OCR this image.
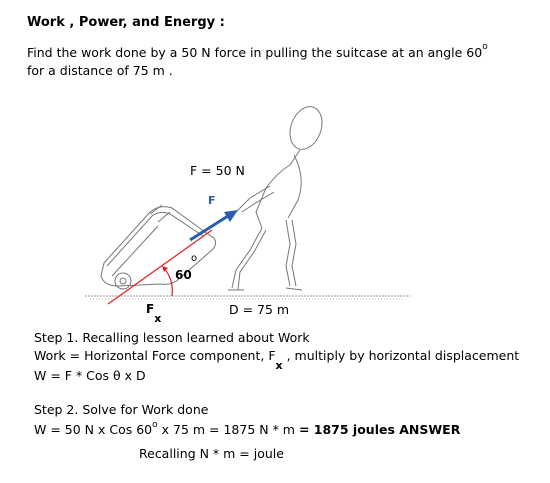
Work , Power, and Energy :
Find the work done by a 50 N force in pulling the suitcase at an angle 60$^o$
for a distance of 75 m .
F = 50 N
F
o
60
$F_x$
D = 75 m
Step 1. Recalling lesson learned about Work
Work = Horizontal Force component, Fx , multiply by horizontal displacement
W = F * Cos θ x D
Step 2. Solve for Work done
W = 50 N x Cos 60$^o$ x 75 m = 1875 N * m = 1875 joules ANSWER
Recalling N * m = joule
